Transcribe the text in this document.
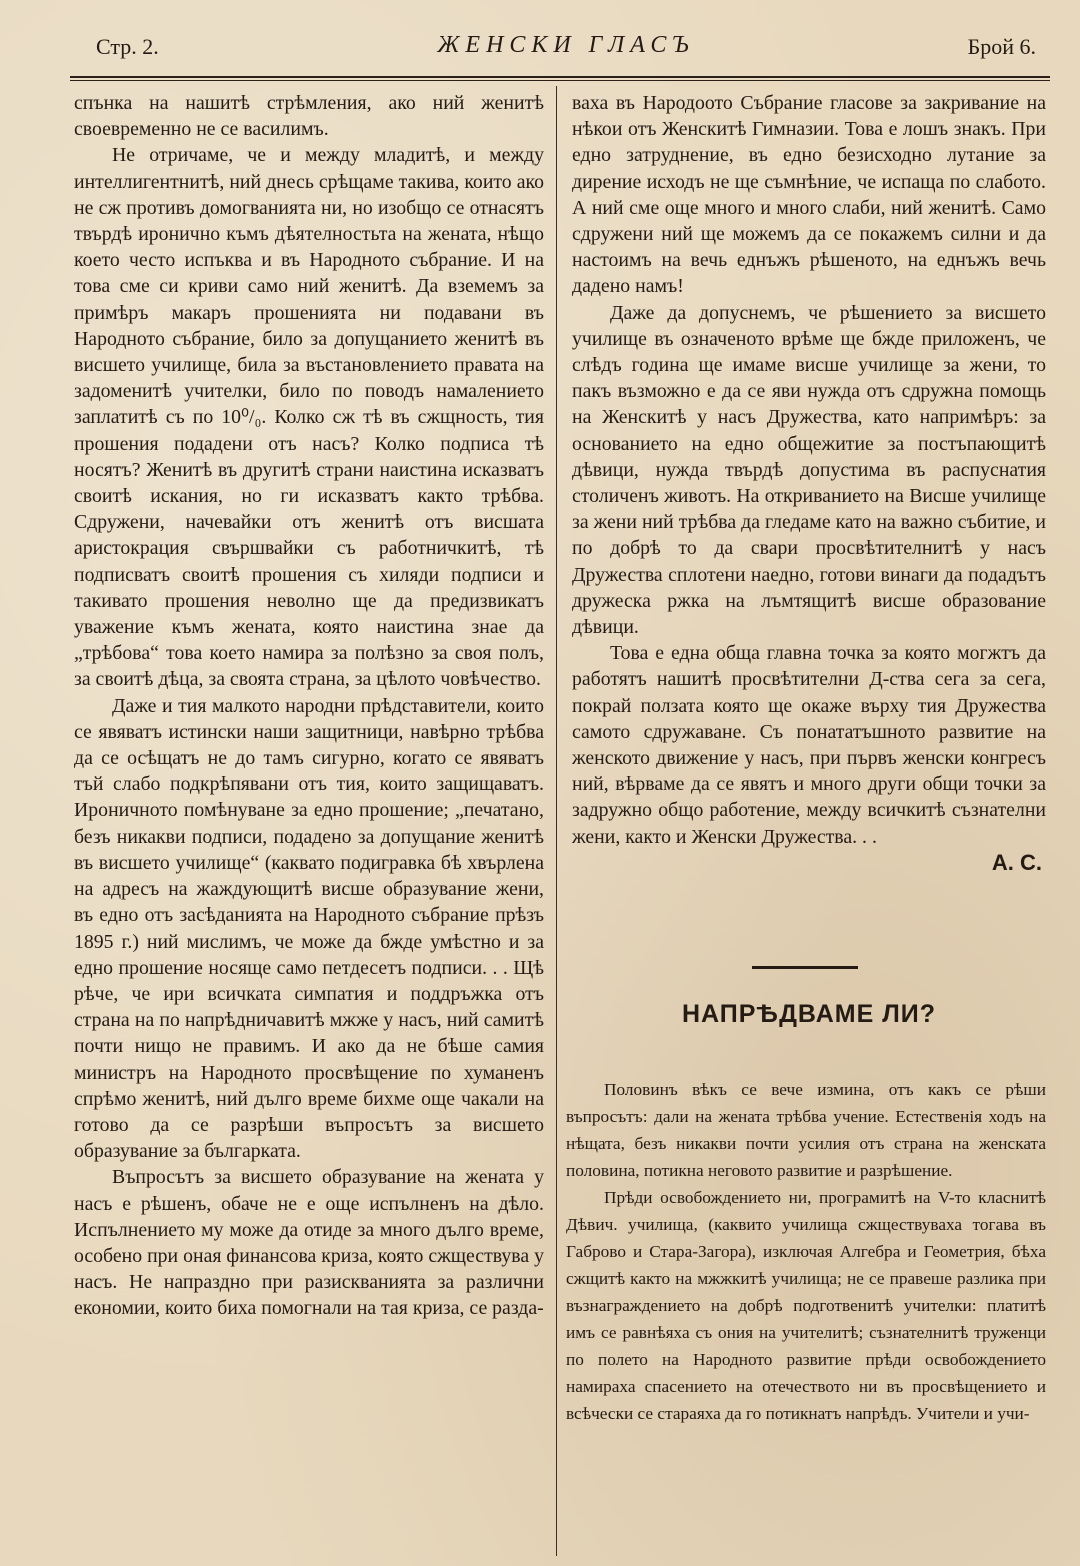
Стр. 2.	ЖЕНСКИ ГЛАСЪ	Брой 6.

спънка на нашитѣ стрѣмления, ако ний женитѣ своевременно не се василимъ.

Не отричаме, че и между младитѣ, и между интеллигентнитѣ, ний днесь срѣщаме такива, които ако не сж противъ домогванията ни, но изобщо се отнасятъ твърдѣ иронично къмъ дѣятелностьта на жената, нѣщо което често испъква и въ Народното събрание. И на това сме си криви само ний женитѣ. Да вземемъ за примѣръ макаръ прошенията ни подавани въ Народното събрание, било за допущанието женитѣ въ висшето училище, била за въстановлението правата на задоменитѣ учителки, било по поводъ намалението заплатитѣ съ по 10⁰/₀. Колко сж тѣ въ сжщность, тия прошения подадени отъ насъ? Колко подписа тѣ носятъ? Женитѣ въ другитѣ страни наистина исказватъ своитѣ искания, но ги исказватъ както трѣбва. Сдружени, начевайки отъ женитѣ отъ висшата аристокрация свършвайки съ работничкитѣ, тѣ подписватъ своитѣ прошения съ хиляди подписи и такивато прошения неволно ще да предизвикатъ уважение къмъ жената, която наистина знае да „трѣбова“ това което намира за полѣзно за своя полъ, за своитѣ дѣца, за своята страна, за цѣлото човѣчество.

Даже и тия малкото народни прѣдставители, които се явяватъ истински наши защитници, навѣрно трѣбва да се осѣщатъ не до тамъ сигурно, когато се явяватъ тъй слабо подкрѣпявани отъ тия, които защищаватъ. Ироничното помѣнуване за едно прошение; „печатано, безъ никакви подписи, подадено за допущание женитѣ въ висшето училище“ (каквато подигравка бѣ хвърлена на адресъ на жаждующитѣ висше образувание жени, въ едно отъ засѣданията на Народното събрание прѣзъ 1895 г.) ний мислимъ, че може да бжде умѣстно и за едно прошение носяще само петдесетъ подписи. . . Щѣ рѣче, че ири всичката симпатия и поддръжка отъ страна на по напрѣдничавитѣ мжже у насъ, ний самитѣ почти нищо не правимъ. И ако да не бѣше самия министръ на Народното просвѣщение по хуманенъ спрѣмо женитѣ, ний дълго време бихме още чакали на готово да се разрѣши въпросътъ за висшето образувание за българката.

Въпросътъ за висшето образувание на жената у насъ е рѣшенъ, обаче не е още испълненъ на дѣло. Испълнението му може да отиде за много дълго време, особено при оная финансова криза, която сжществува у насъ. Не напраздно при разискванията за различни економии, които биха помогнали на тая криза, се разда-

ваха въ Народоото Събрание гласове за закривание на нѣкои отъ Женскитѣ Гимназии. Това е лошъ знакъ. При едно затруднение, въ едно безисходно лутание за дирение исходъ не ще съмнѣние, че испаща по слабото. А ний сме още много и много слаби, ний женитѣ. Само сдружени ний ще можемъ да се покажемъ силни и да настоимъ на вечь еднъжъ рѣшеното, на еднъжъ вечь дадено намъ!

Даже да допуснемъ, че рѣшението за висшето училище въ означеното врѣме ще бжде приложенъ, че слѣдъ година ще имаме висше училище за жени, то пакъ възможно е да се яви нужда отъ сдружна помощь на Женскитѣ у насъ Дружества, като напримѣръ: за основанието на едно общежитие за постъпающитѣ дѣвици, нужда твърдѣ допустима въ распуснатия столиченъ животъ. На откриванието на Висше училище за жени ний трѣбва да гледаме като на важно събитие, и по добрѣ то да свари просвѣтителнитѣ у насъ Дружества сплотени наедно, готови винаги да подадътъ дружеска ржка на лъмтящитѣ висше образование дѣвици.

Това е една обща главна точка за която могжтъ да работятъ нашитѣ просвѣтителни Д-ства сега за сега, покрай ползата която ще окаже върху тия Дружества самото сдружаване. Съ понататъшното развитие на женското движение у насъ, при първъ женски конгресъ ний, вѣрваме да се явятъ и много други общи точки за задружно общо работение, между всичкитѣ съзнателни жени, както и Женски Дружества. . .

А. С.

НАПРѢДВАМЕ ЛИ?

Половинъ вѣкъ се вече измина, отъ какъ се рѣши въпросътъ: дали на жената трѣбва учение. Естественія ходъ на нѣщата, безъ никакви почти усилия отъ страна на женската половина, потикна неговото развитие и разрѣшение.

Прѣди освобождението ни, програмитѣ на V-то класнитѣ Дѣвич. училища, (каквито училища сжществуваха тогава въ Габрово и Стара-Загора), изключая Алгебра и Геометрия, бѣха сжщитѣ както на мжжкитѣ училища; не се правеше разлика при възнаграждението на добрѣ подготвенитѣ учителки: платитѣ имъ се равнѣяха съ ония на учителитѣ; съзнателнитѣ труженци по полето на Народното развитие прѣди освобождението намираха спасението на отечеството ни въ просвѣщението и всѣчески се стараяха да го потикнатъ напрѣдъ. Учители и учи-
